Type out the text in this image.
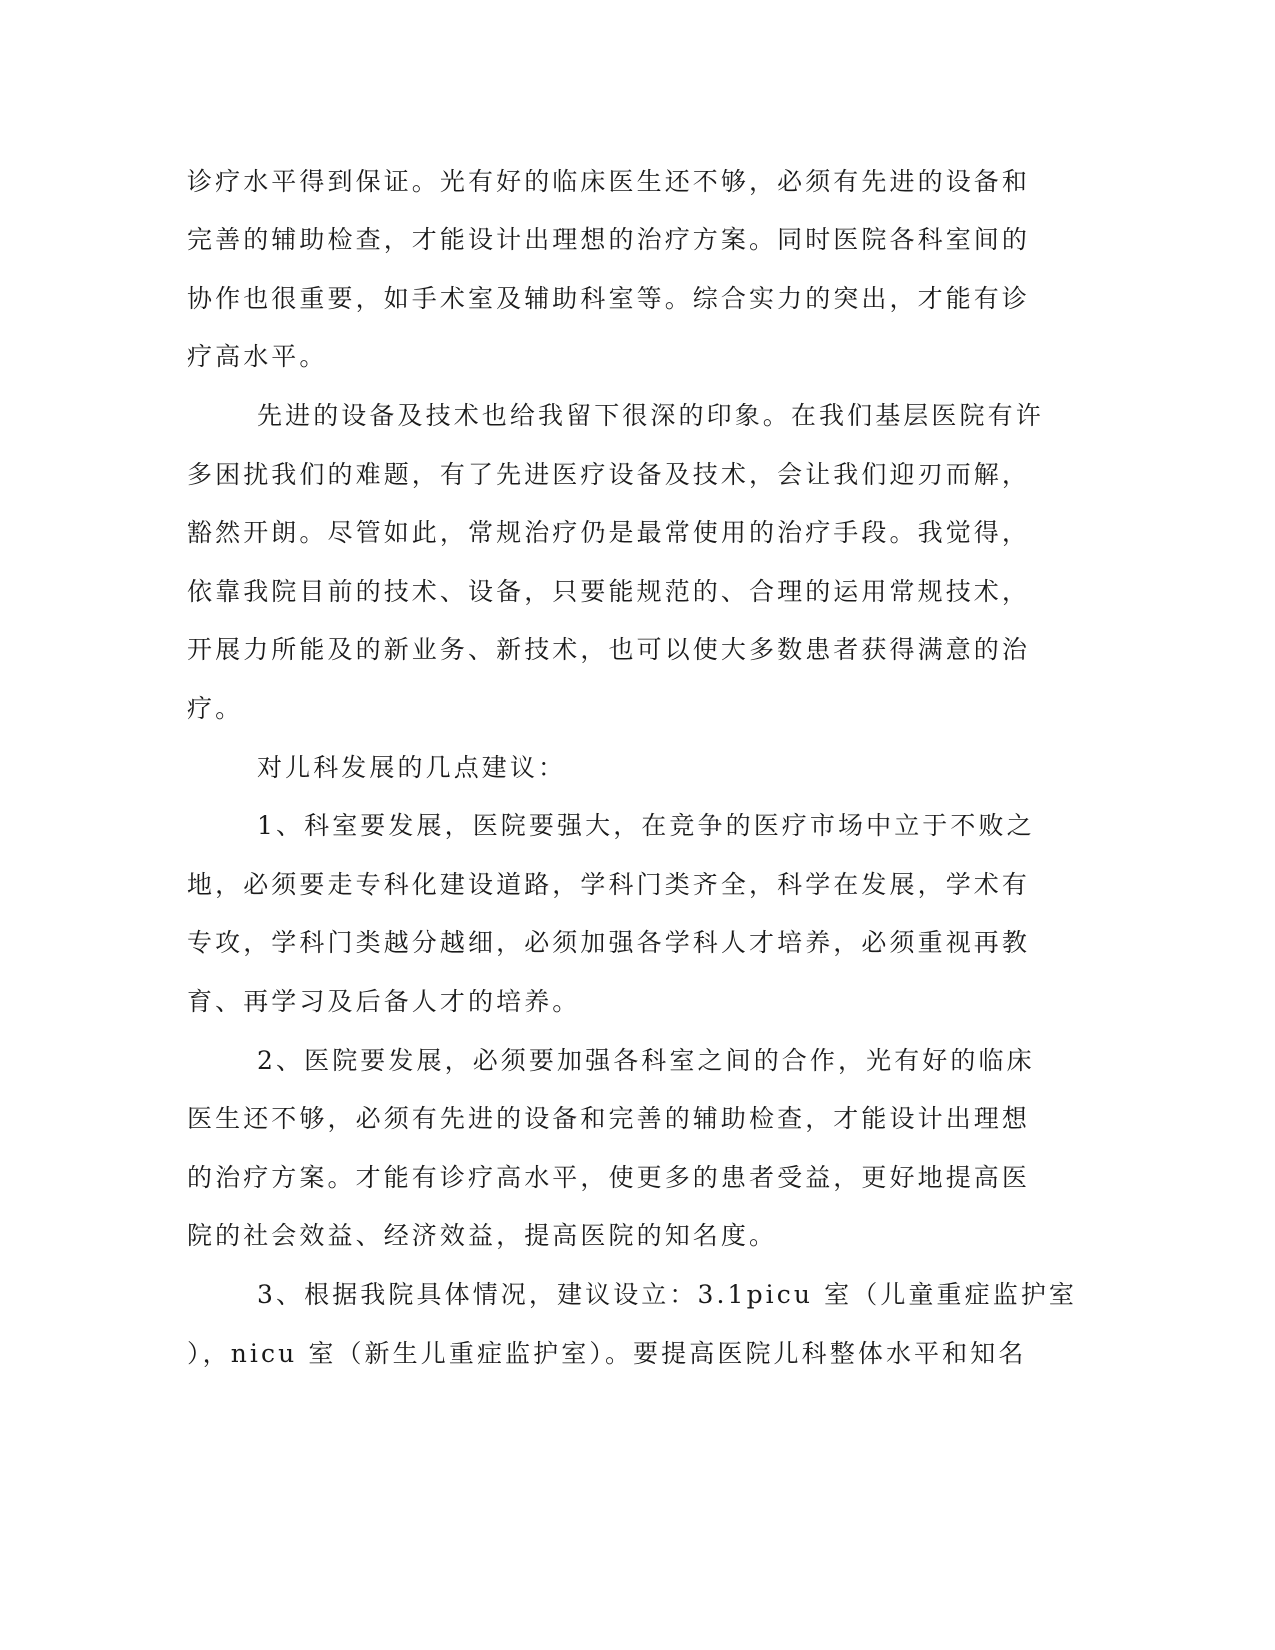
诊疗水平得到保证。光有好的临床医生还不够，必须有先进的设备和
完善的辅助检查，才能设计出理想的治疗方案。同时医院各科室间的
协作也很重要，如手术室及辅助科室等。综合实力的突出，才能有诊
疗高水平。
先进的设备及技术也给我留下很深的印象。在我们基层医院有许
多困扰我们的难题，有了先进医疗设备及技术，会让我们迎刃而解，
豁然开朗。尽管如此，常规治疗仍是最常使用的治疗手段。我觉得，
依靠我院目前的技术、设备，只要能规范的、合理的运用常规技术，
开展力所能及的新业务、新技术，也可以使大多数患者获得满意的治
疗。
对儿科发展的几点建议：
1、科室要发展，医院要强大，在竞争的医疗市场中立于不败之
地，必须要走专科化建设道路，学科门类齐全，科学在发展，学术有
专攻，学科门类越分越细，必须加强各学科人才培养，必须重视再教
育、再学习及后备人才的培养。
2、医院要发展，必须要加强各科室之间的合作，光有好的临床
医生还不够，必须有先进的设备和完善的辅助检查，才能设计出理想
的治疗方案。才能有诊疗高水平，使更多的患者受益，更好地提高医
院的社会效益、经济效益，提高医院的知名度。
3、根据我院具体情况，建议设立：3.1picu 室（儿童重症监护室
），nicu 室（新生儿重症监护室）。要提高医院儿科整体水平和知名
